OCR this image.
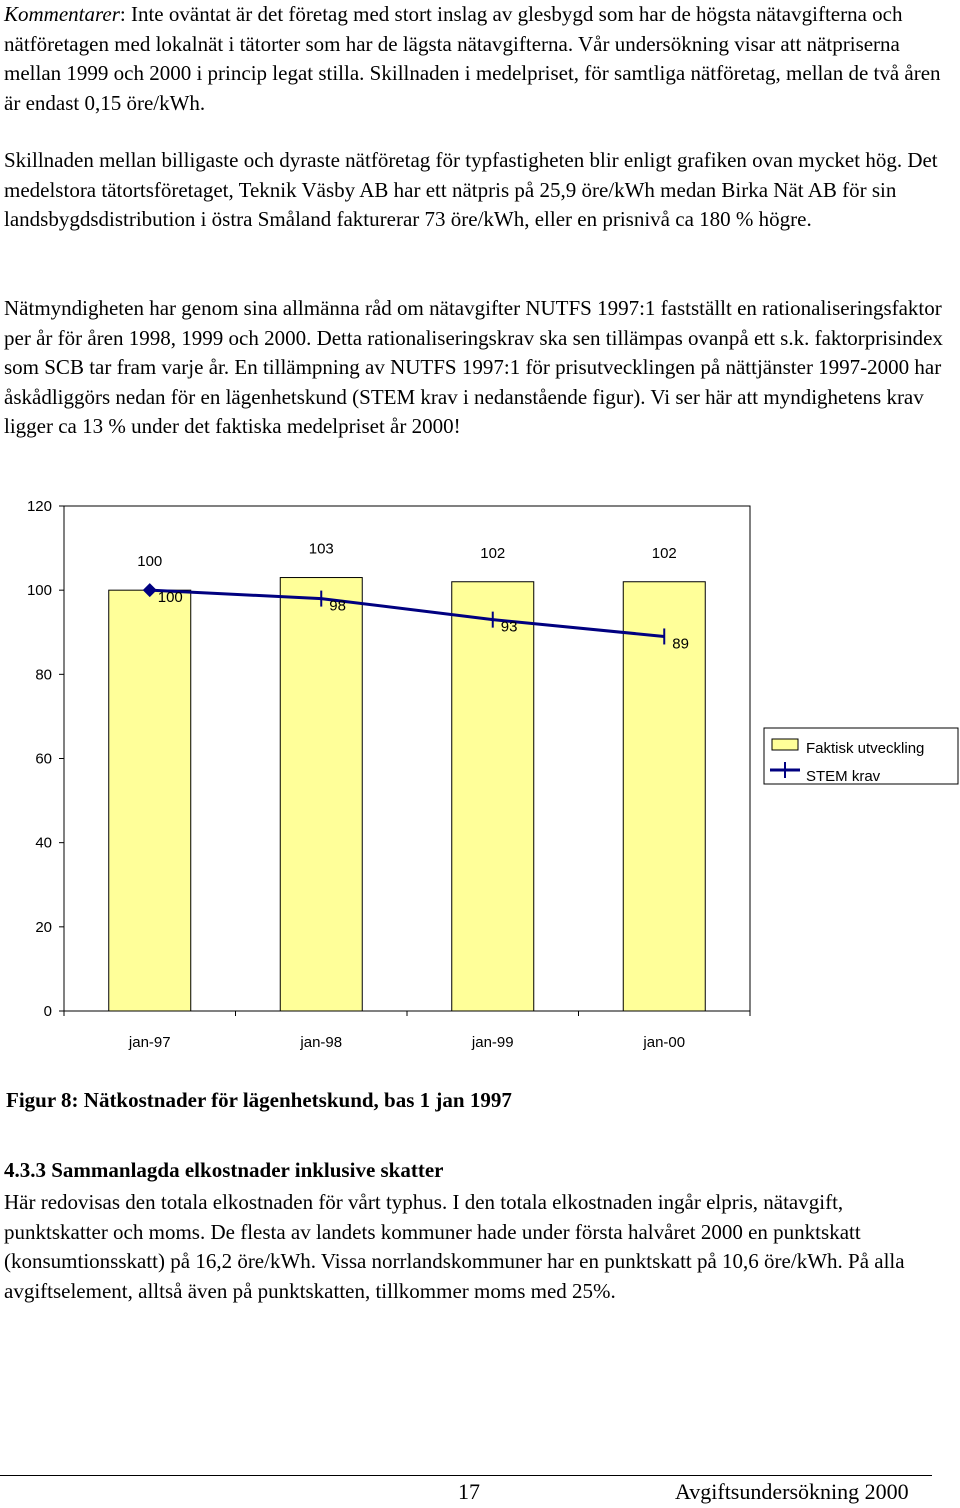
Kommentarer: Inte oväntat är det företag med stort inslag av glesbygd som har de högsta nätavgifterna och nätföretagen med lokalnät i tätorter som har de lägsta nätavgifterna. Vår undersökning visar att nätpriserna mellan 1999 och 2000 i princip legat stilla. Skillnaden i medelpriset, för samtliga nätföretag, mellan de två åren är endast 0,15 öre/kWh.

Skillnaden mellan billigaste och dyraste nätföretag för typfastigheten blir enligt grafiken ovan mycket hög. Det medelstora tätortsföretaget, Teknik Väsby AB har ett nätpris på 25,9 öre/kWh medan Birka Nät AB för sin landsbygdsdistribution i östra Småland fakturerar 73 öre/kWh, eller en prisnivå ca 180 % högre.

Nätmyndigheten har genom sina allmänna råd om nätavgifter NUTFS 1997:1 fastställt en rationaliseringsfaktor per år för åren 1998, 1999 och 2000. Detta rationaliseringskrav ska sen tillämpas ovanpå ett s.k. faktorprisindex som SCB tar fram varje år. En tillämpning av NUTFS 1997:1 för prisutvecklingen på nättjänster 1997-2000 har åskådliggörs nedan för en lägenhetskund (STEM krav i nedanstående figur). Vi ser här att myndighetens krav ligger ca 13 % under det faktiska medelpriset år 2000!

0
20
40
60
80
100
120
jan-97	jan-98	jan-99	jan-00
100
103	102	102
100	98
93
89
Faktisk utveckling
STEM krav

Figur 8: Nätkostnader för lägenhetskund, bas 1 jan 1997

4.3.3 Sammanlagda elkostnader inklusive skatter

Här redovisas den totala elkostnaden för vårt typhus. I den totala elkostnaden ingår elpris, nätavgift, punktskatter och moms. De flesta av landets kommuner hade under första halvåret 2000 en punktskatt (konsumtionsskatt) på 16,2 öre/kWh. Vissa norrlandskommuner har en punktskatt på 10,6 öre/kWh. På alla avgiftselement, alltså även på punktskatten, tillkommer moms med 25%.

17	Avgiftsundersökning 2000
